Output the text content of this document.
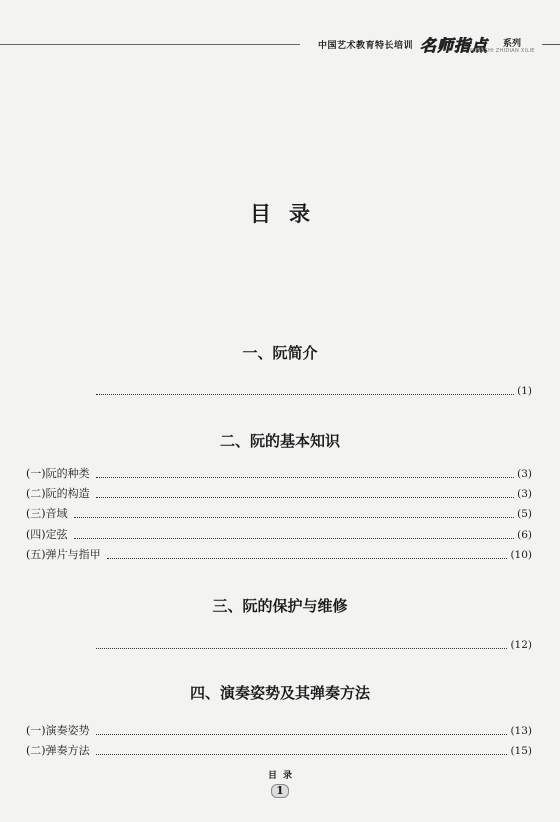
中国艺术教育特长培训 名师指点 系列
MINGSHI ZHIDIAN XILIE
目录
一、阮简介
(1)
二、阮的基本知识
(一)阮的种类	(3)
(二)阮的构造	(3)
(三)音域	(5)
(四)定弦	(6)
(五)弹片与指甲	(10)
三、阮的保护与维修
(12)
四、演奏姿势及其弹奏方法
(一)演奏姿势	(13)
(二)弹奏方法	(15)
目录
1
